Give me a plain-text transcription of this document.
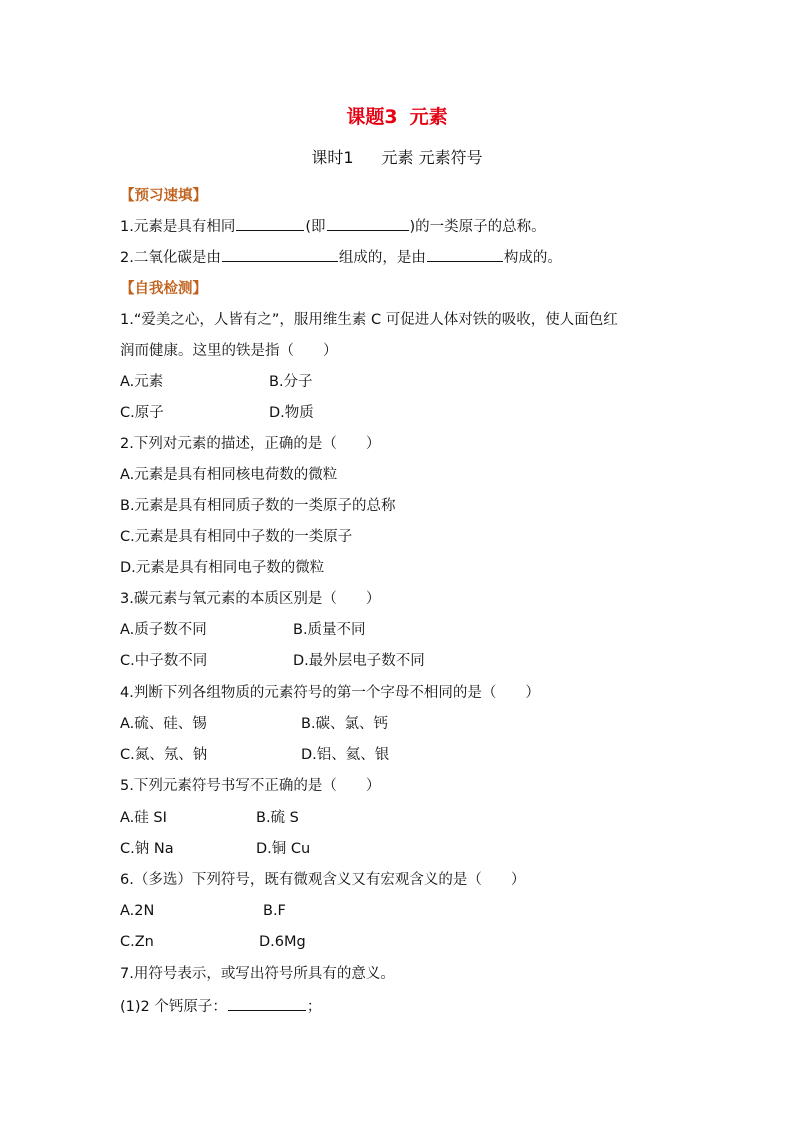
课题3 元素
课时1 元素 元素符号
【预习速填】
1.元素是具有相同	(即	)的一类原子的总称。
2.二氧化碳是由	组成的，是由	构成的。
【自我检测】
1.“爱美之心，人皆有之”，服用维生素 C 可促进人体对铁的吸收，使人面色红
润而健康。这里的铁是指（　　）
A.元素	B.分子
C.原子	D.物质
2.下列对元素的描述，正确的是（　　）
A.元素是具有相同核电荷数的微粒
B.元素是具有相同质子数的一类原子的总称
C.元素是具有相同中子数的一类原子
D.元素是具有相同电子数的微粒
3.碳元素与氧元素的本质区别是（　　）
A.质子数不同	B.质量不同
C.中子数不同	D.最外层电子数不同
4.判断下列各组物质的元素符号的第一个字母不相同的是（　　）
A.硫、硅、锡	B.碳、氯、钙
C.氮、氖、钠	D.铝、氦、银
5.下列元素符号书写不正确的是（　　）
A.硅 SI	B.硫 S
C.钠 Na	D.铜 Cu
6.（多选）下列符号，既有微观含义又有宏观含义的是（　　）
A.2N	B.F
C.Zn	D.6Mg
7.用符号表示，或写出符号所具有的意义。
(1)2 个钙原子：	；
